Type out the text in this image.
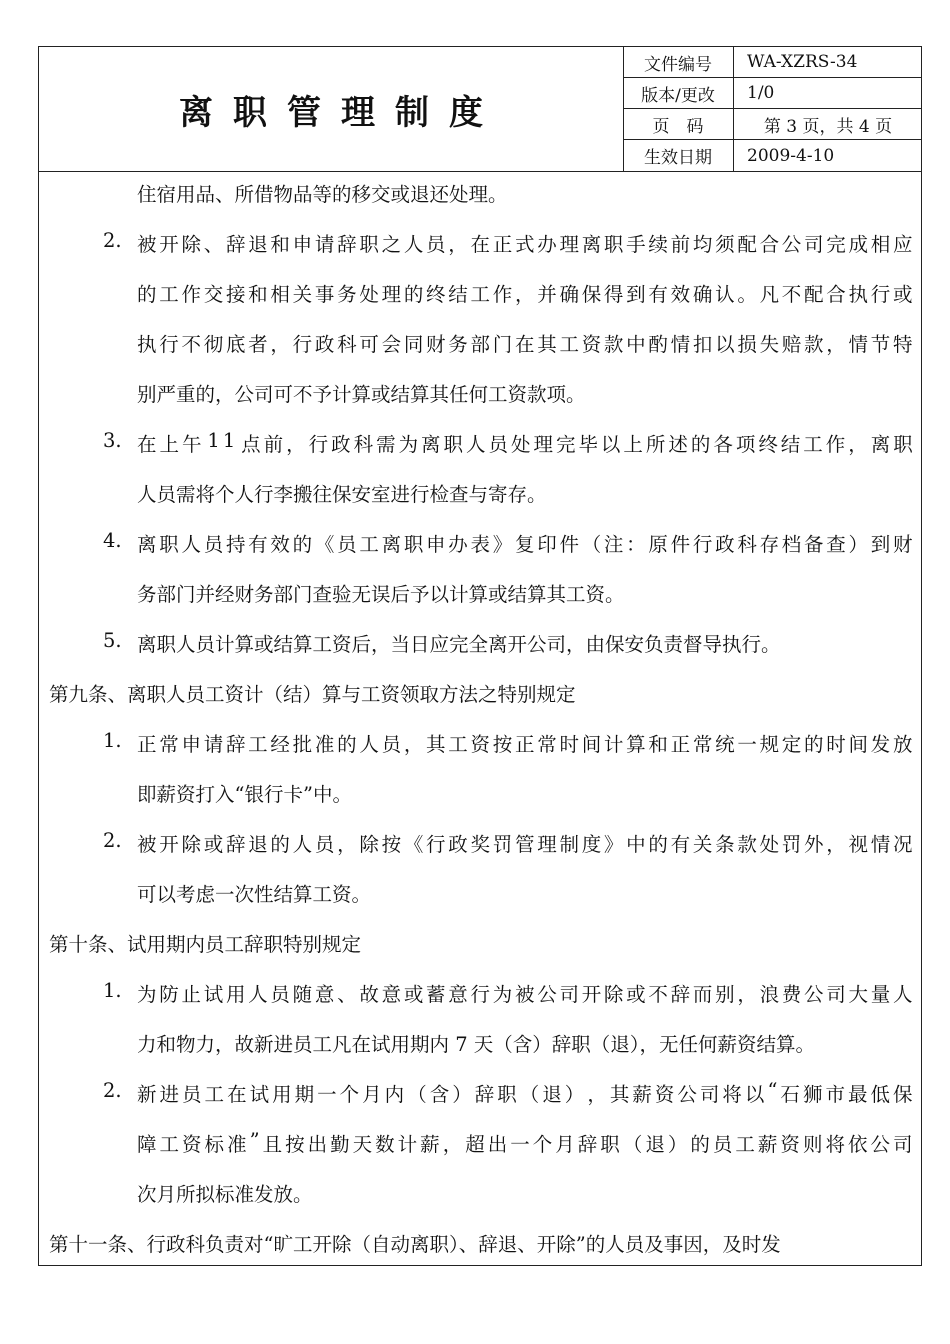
离职管理制度
文件编号	WA-XZRS-34
版本/更改	1/0
页　码	第 3 页，共 4 页
生效日期	2009-4-10
住宿用品、所借物品等的移交或退还处理。
2. 被 开 除 、 辞 退 和 申 请 辞 职 之 人 员 ， 在 正 式 办 理 离 职 手 续 前 均 须 配 合 公 司 完 成 相 应
的 工 作 交 接 和 相 关 事 务 处 理 的 终 结 工 作 ， 并 确 保 得 到 有 效 确 认 。 凡 不 配 合 执 行 或
执 行 不 彻 底 者 ， 行 政 科 可 会 同 财 务 部 门 在 其 工 资 款 中 酌 情 扣 以 损 失 赔 款 ， 情 节 特
别严重的，公司可不予计算或结算其任何工资款项。
3. 在 上 午 1 1 点 前 ， 行 政 科 需 为 离 职 人 员 处 理 完 毕 以 上 所 述 的 各 项 终 结 工 作 ， 离 职
人员需将个人行李搬往保安室进行检查与寄存。
4. 离 职 人 员 持 有 效 的 《 员 工 离 职 申 办 表 》 复 印 件 （ 注 ： 原 件 行 政 科 存 档 备 查 ） 到 财
务部门并经财务部门查验无误后予以计算或结算其工资。
5. 离职人员计算或结算工资后，当日应完全离开公司，由保安负责督导执行。
第九条、离职人员工资计（结）算与工资领取方法之特别规定
1. 正 常 申 请 辞 工 经 批 准 的 人 员 ， 其 工 资 按 正 常 时 间 计 算 和 正 常 统 一 规 定 的 时 间 发 放
即薪资打入“银行卡”中。
2. 被 开 除 或 辞 退 的 人 员 ， 除 按 《 行 政 奖 罚 管 理 制 度 》 中 的 有 关 条 款 处 罚 外 ， 视 情 况
可以考虑一次性结算工资。
第十条、试用期内员工辞职特别规定
1. 为 防 止 试 用 人 员 随 意 、 故 意 或 蓄 意 行 为 被 公 司 开 除 或 不 辞 而 别 ， 浪 费 公 司 大 量 人
力和物力，故新进员工凡在试用期内 7 天（含）辞职（退），无任何薪资结算。
2. 新 进 员 工 在 试 用 期 一 个 月 内 （ 含 ） 辞 职 （ 退 ） ， 其 薪 资 公 司 将 以 “ 石 狮 市 最 低 保
障 工 资 标 准 ” 且 按 出 勤 天 数 计 薪 ， 超 出 一 个 月 辞 职 （ 退 ） 的 员 工 薪 资 则 将 依 公 司
次月所拟标准发放。
第十一条、行政科负责对“旷工开除（自动离职）、辞退、开除”的人员及事因，及时发
